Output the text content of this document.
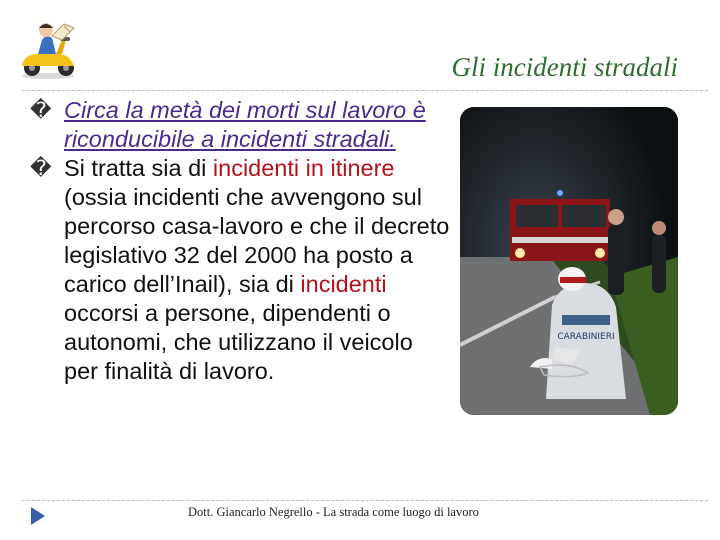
Gli incidenti stradali

� Circa la metà dei morti sul lavoro è riconducibile a incidenti stradali.

� Si tratta sia di incidenti in itinere (ossia incidenti che avvengono sul percorso casa-lavoro e che il decreto legislativo 32 del 2000 ha posto a carico dell’Inail), sia di incidenti occorsi a persone, dipendenti o autonomi, che utilizzano il veicolo per finalità di lavoro.

CARABINIERI
Dott. Giancarlo Negrello - La strada come luogo di lavoro
